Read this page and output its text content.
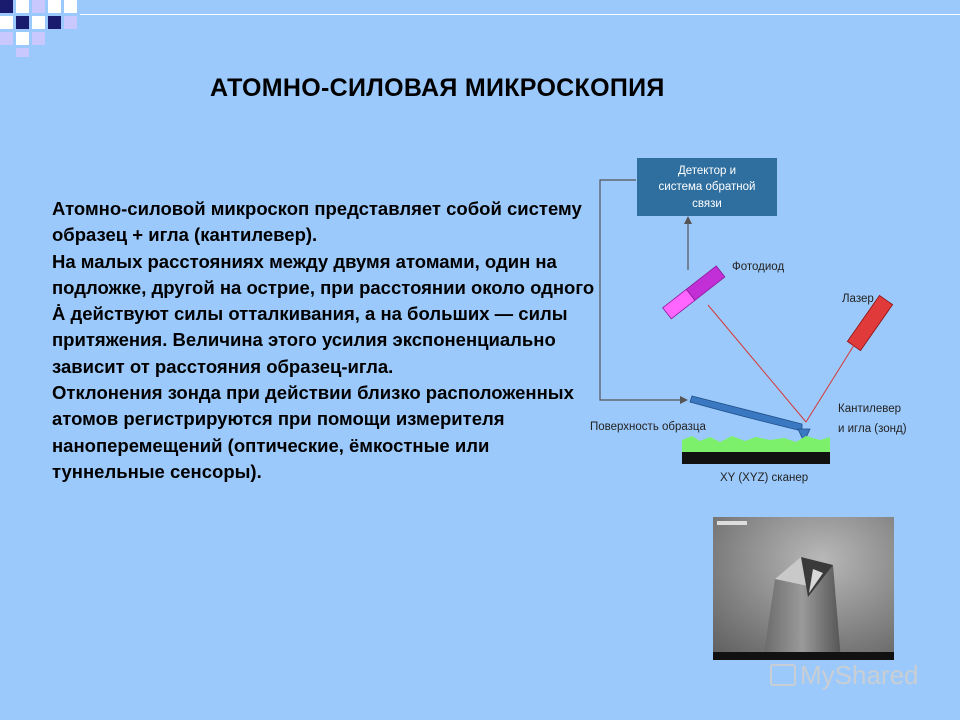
АТОМНО-СИЛОВАЯ МИКРОСКОПИЯ

Атомно-силовой микроскоп представляет собой систему образец + игла (кантилевер).

На малых расстояниях между двумя атомами, один на подложке, другой на острие, при расстоянии около одного Ȧ действуют силы отталкивания, а на больших — силы притяжения. Величина этого усилия экспоненциально зависит от расстояния образец-игла.

Отклонения зонда при действии близко расположенных атомов регистрируются при помощи измерителя наноперемещений (оптические, ёмкостные или туннельные сенсоры).

Детектор и
система обратной
связи
Фотодиод
Лазер
Кантилевер
и игла (зонд)
Поверхность образца
XY (XYZ) сканер
MyShared
